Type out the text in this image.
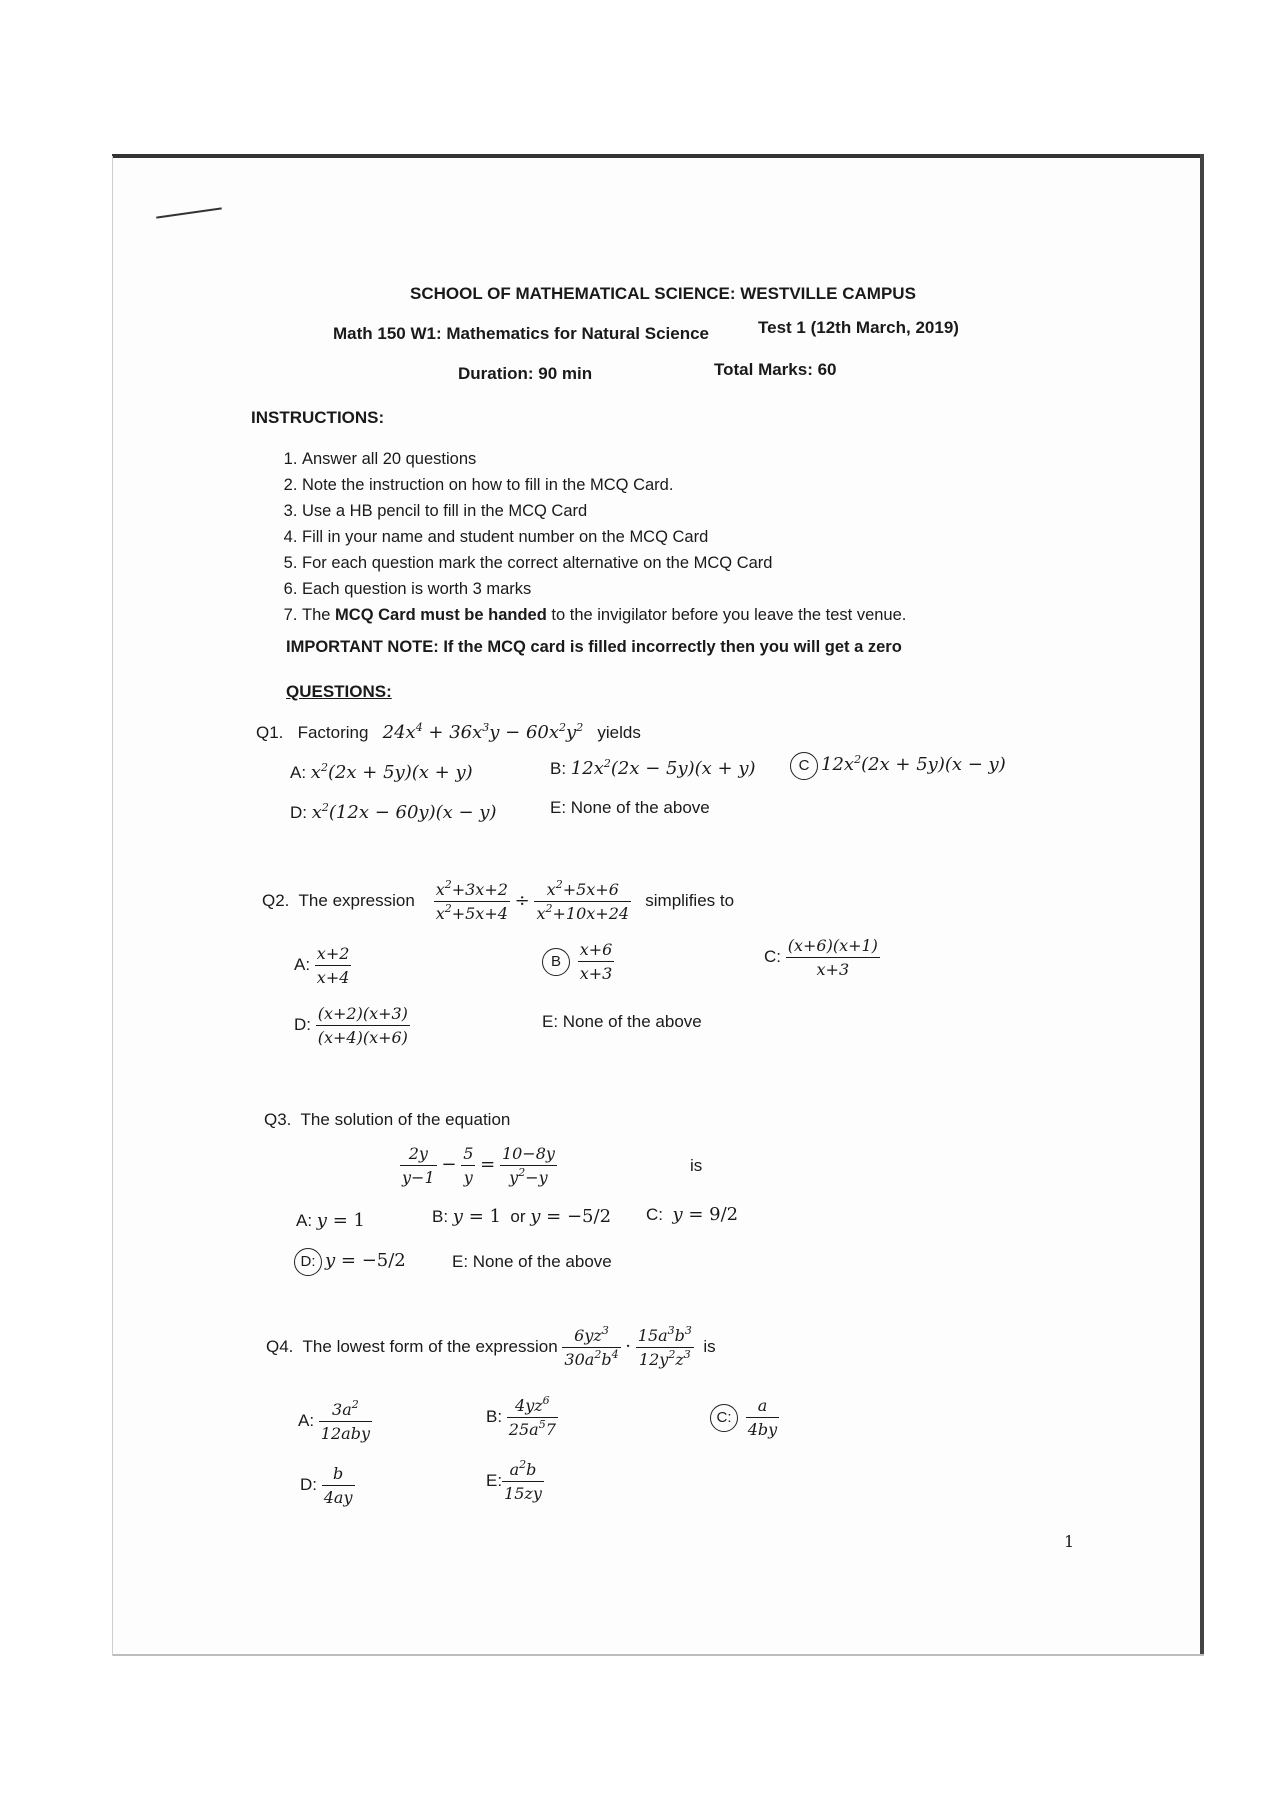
SCHOOL OF MATHEMATICAL SCIENCE: WESTVILLE CAMPUS
Math 150 W1: Mathematics for Natural Science	Test 1 (12th March, 2019)
Duration: 90 min	Total Marks: 60
INSTRUCTIONS:
1. Answer all 20 questions
2. Note the instruction on how to fill in the MCQ Card.
3. Use a HB pencil to fill in the MCQ Card
4. Fill in your name and student number on the MCQ Card
5. For each question mark the correct alternative on the MCQ Card
6. Each question is worth 3 marks
7. The MCQ Card must be handed to the invigilator before you leave the test venue.
IMPORTANT NOTE: If the MCQ card is filled incorrectly then you will get a zero
QUESTIONS:
Q1. Factoring $24x^4 + 36x^3y - 60x^2y^2$ yields
A: $x^2(2x + 5y)(x + y)$	B: $12x^2(2x - 5y)(x + y)$	C $12x^2(2x + 5y)(x - y)$
D: $x^2(12x - 60y)(x - y)$	E: None of the above
Q2. The expression $\frac{x^2+3x+2}{x^2+5x+4} \div \frac{x^2+5x+6}{x^2+10x+24}$ simplifies to
A: $\frac{x+2}{x+4}$	B $\frac{x+6}{x+3}$	C: $\frac{(x+6)(x+1)}{x+3}$
D: $\frac{(x+2)(x+3)}{(x+4)(x+6)}$	E: None of the above
Q3. The solution of the equation
$\frac{2y}{y-1} - \frac{5}{y} = \frac{10-8y}{y^2-y}$	is
A: y = 1	B: y = 1 or y = −5/2 C: y = 9/2
D: y = −5/2	E: None of the above
Q4. The lowest form of the expression $\frac{6yz^3}{30a^2b^4} \cdot \frac{15a^3b^3}{12y^2z^3}$ is
A: $\frac{3a^2}{\text{12aby}}$	B: $\frac{4yz^6}{25a^57}$	C: $\frac{a}{4by}$
D: $\frac{b}{4ay}$	E: $\frac{a^2b}{15zy}$
1
